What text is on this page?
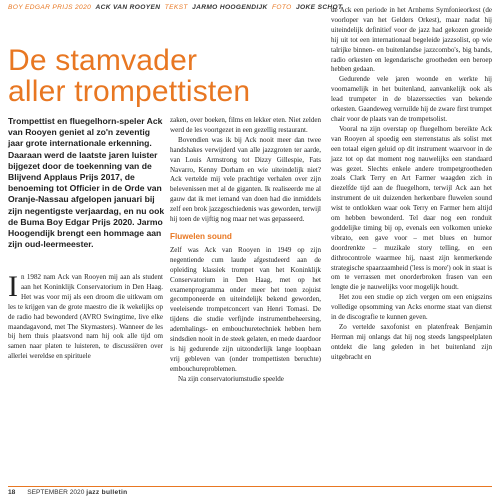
BOY EDGAR PRIJS 2020 ACK VAN ROOYEN TEKST JARMO HOOGENDIJK FOTO JOKE SCHOT
De stamvader
aller trompettisten
Trompettist en fluegelhorn-speler Ack van Rooyen geniet al zo'n zeventig jaar grote internationale erkenning. Daaraan werd de laatste jaren luister bijgezet door de toekenning van de Blijvend Applaus Prijs 2017, de benoeming tot Officier in de Orde van Oranje-Nassau afgelopen januari bij zijn negentigste verjaardag, en nu ook de Buma Boy Edgar Prijs 2020. Jarmo Hoogendijk brengt een hommage aan zijn oud-leermeester.

In 1982 nam Ack van Rooyen mij aan als student aan het Koninklijk Conservatorium in Den Haag. Het was voor mij als een droom die uitkwam om les te krijgen van de grote maestro die ik wekelijks op de radio had bewonderd (AVRO Swingtime, live elke maandagavond, met The Skymasters). Wanneer de les bij hem thuis plaatsvond nam hij ook alle tijd om samen naar platen te luisteren, te discussiëren over allerlei wereldse en spirituele

zaken, over boeken, films en lekker eten. Niet zelden werd de les voortgezet in een gezellig restaurant.

Bovendien was ik bij Ack nooit meer dan twee handshakes verwijderd van alle jazzgroten ter aarde, van Louis Armstrong tot Dizzy Gillespie, Fats Navarro, Kenny Dorham en wie uiteindelijk niet? Ack vertelde mij vele prachtige verhalen over zijn belevenissen met al de giganten. Ik realiseerde me al gauw dat ik met iemand van doen had die inmiddels zelf een brok jazzgeschiedenis was geworden, terwijl hij toen de vijftig nog maar net was gepasseerd.

Fluwelen sound

Zelf was Ack van Rooyen in 1949 op zijn negentiende cum laude afgestudeerd aan de opleiding klassiek trompet van het Koninklijk Conservatorium in Den Haag, met op het examenprogramma onder meer het toen zojuist gecomponeerde en uiteindelijk bekend geworden, veeleisende trompetconcert van Henri Tomasi. De tijdens die studie verfijnde instrumentbeheersing, ademhalings- en embouchuretechniek hebben hem sindsdien nooit in de steek gelaten, en mede daardoor is hij gedurende zijn uitzonderlijk lange loopbaan vrij gebleven van (onder trompettisten beruchte) embouchureproblemen.

Na zijn conservatoriumstudie speelde

de Ack een periode in het Arnhems Symfonieorkest (de voorloper van het Gelders Orkest), maar nadat hij uiteindelijk definitief voor de jazz had gekozen groeide hij uit tot een internationaal begeleide jazzsolist, op wie talrijke binnen- en buitenlandse jazzcombo's, big bands, radio orkesten en legendarische grootheden een beroep hebben gedaan.

Gedurende vele jaren woonde en werkte hij voornamelijk in het buitenland, aanvankelijk ook als lead trumpeter in de blazerssecties van bekende orkesten. Gaandeweg verruilde hij de zware first trumpet chair voor de plaats van de trompetsolist.

Vooral na zijn overstap op fluegelhorn bereikte Ack van Rooyen al spoedig een sterrenstatus als solist met een totaal eigen geluid op dit instrument waarvoor in de jazz tot op dat moment nog nauwelijks een standaard was gezet. Slechts enkele andere trompetgrootheden zoals Clark Terry en Art Farmer waagden zich in diezelfde tijd aan de fluegelhorn, terwijl Ack aan het instrument de uit duizenden herkenbare fluwelen sound wist te ontlokken waar ook Terry en Farmer hem altijd om hebben bewonderd. Tel daar nog een ronduit goddelijke timing bij op, evenals een volkomen unieke vibrato, een gave voor – met blues en humor doordrenkte – muzikale story telling, en een dithrocontrole waarmee hij, naast zijn kenmerkende strategische spaarzaamheid ('less is more') ook in staat is om te verrassen met onorderbroken frasen van een lengte die je nauwelijks voor mogelijk houdt.

Het zou een studie op zich vergen om een enigszins volledige opsomming van Acks enorme staat van dienst in de discografie te kunnen geven.

Zo vertelde saxofonist en platenfreak Benjamin Herman mij onlangs dat hij nog steeds langspeelplaten ontdekt die lang geleden in het buitenland zijn uitgebracht en

18 SEPTEMBER 2020 jazz bulletin
